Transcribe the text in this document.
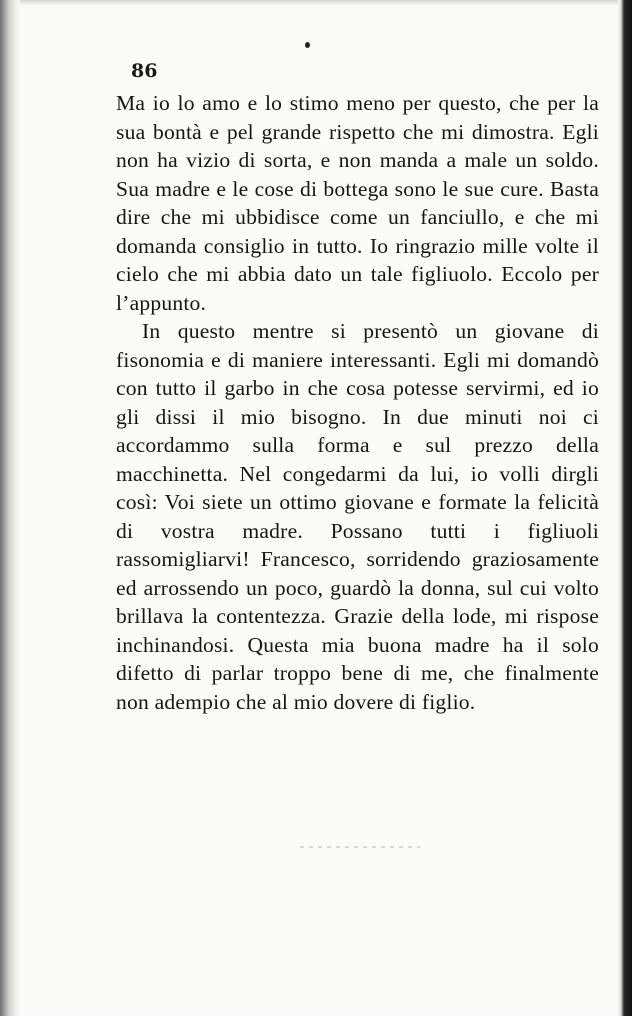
86

Ma io lo amo e lo stimo meno per questo, che per la sua bontà e pel grande rispetto che mi dimostra. Egli non ha vizio di sorta, e non manda a male un soldo. Sua madre e le cose di bottega sono le sue cure. Basta dire che mi ubbidisce come un fanciullo, e che mi domanda consiglio in tutto. Io ringrazio mille volte il cielo che mi abbia dato un tale figliuolo. Eccolo per l’appunto.

In questo mentre si presentò un giovane di fisonomia e di maniere interessanti. Egli mi domandò con tutto il garbo in che cosa potesse servirmi, ed io gli dissi il mio bisogno. In due minuti noi ci accordammo sulla forma e sul prezzo della macchinetta. Nel congedarmi da lui, io volli dirgli così: Voi siete un ottimo giovane e formate la felicità di vostra madre. Possano tutti i figliuoli rassomigliarvi! Francesco, sorridendo graziosamente ed arrossendo un poco, guardò la donna, sul cui volto brillava la contentezza. Grazie della lode, mi rispose inchinandosi. Questa mia buona madre ha il solo difetto di parlar troppo bene di me, che finalmente non adempio che al mio dovere di figlio.
